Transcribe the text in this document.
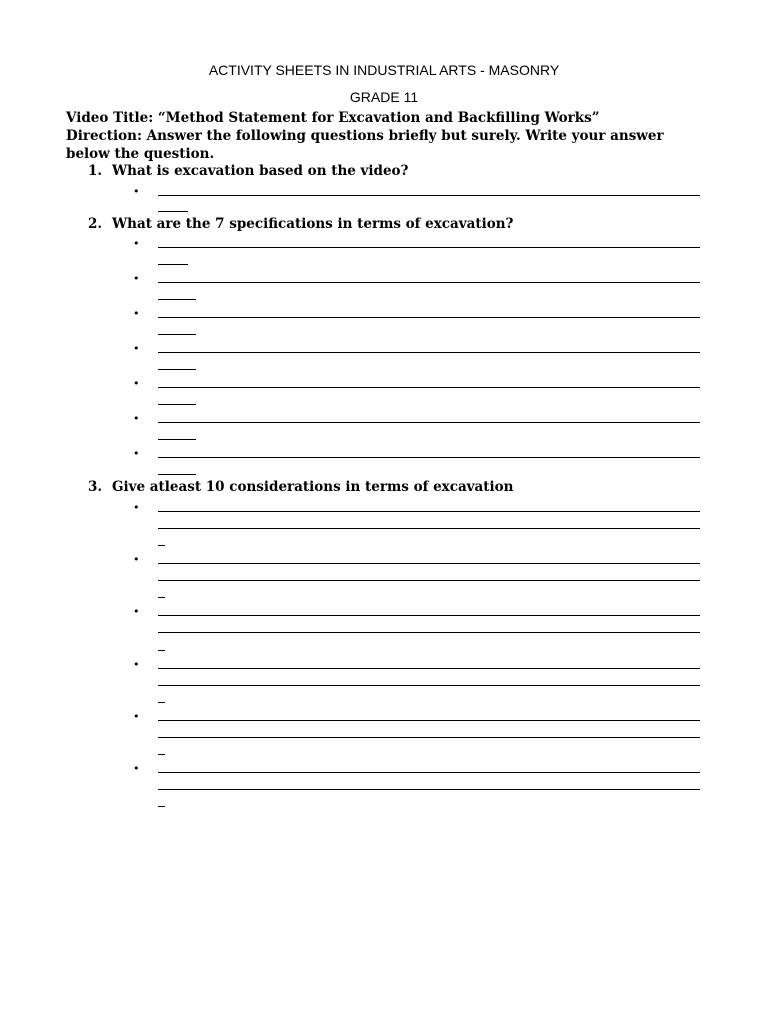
ACTIVITY SHEETS IN INDUSTRIAL ARTS - MASONRY
GRADE 11

Video Title: “Method Statement for Excavation and Backfilling Works”

Direction: Answer the following questions briefly but surely. Write your answer

below the question.

1. What is excavation based on the video?
•
2. What are the 7 specifications in terms of excavation?
•
•
•
•
•
•
•
3. Give atleast 10 considerations in terms of excavation
•
•
•
•
•
•
